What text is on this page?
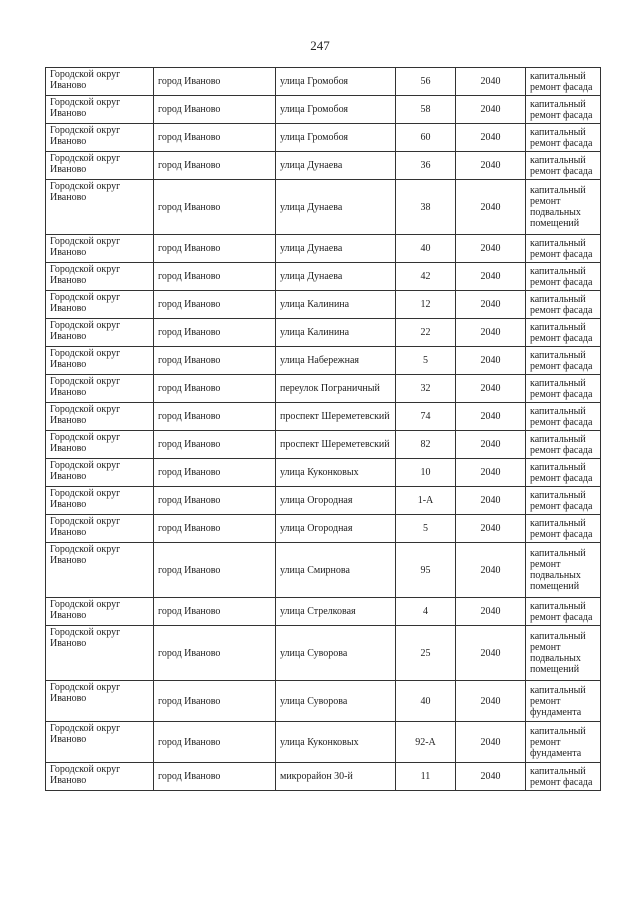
247
Городской округ Иваново	город Иваново	улица Громобоя	56	2040	капитальный ремонт фасада
Городской округ Иваново	город Иваново	улица Громобоя	58	2040	капитальный ремонт фасада
Городской округ Иваново	город Иваново	улица Громобоя	60	2040	капитальный ремонт фасада
Городской округ Иваново	город Иваново	улица Дунаева	36	2040	капитальный ремонт фасада
Городской округ Иваново	город Иваново	улица Дунаева	38	2040	капитальный ремонт подвальных помещений
Городской округ Иваново	город Иваново	улица Дунаева	40	2040	капитальный ремонт фасада
Городской округ Иваново	город Иваново	улица Дунаева	42	2040	капитальный ремонт фасада
Городской округ Иваново	город Иваново	улица Калинина	12	2040	капитальный ремонт фасада
Городской округ Иваново	город Иваново	улица Калинина	22	2040	капитальный ремонт фасада
Городской округ Иваново	город Иваново	улица Набережная	5	2040	капитальный ремонт фасада
Городской округ Иваново	город Иваново	переулок Пограничный	32	2040	капитальный ремонт фасада
Городской округ Иваново	город Иваново	проспект Шереметевский	74	2040	капитальный ремонт фасада
Городской округ Иваново	город Иваново	проспект Шереметевский	82	2040	капитальный ремонт фасада
Городской округ Иваново	город Иваново	улица Куконковых	10	2040	капитальный ремонт фасада
Городской округ Иваново	город Иваново	улица Огородная	1-А	2040	капитальный ремонт фасада
Городской округ Иваново	город Иваново	улица Огородная	5	2040	капитальный ремонт фасада
Городской округ Иваново	город Иваново	улица Смирнова	95	2040	капитальный ремонт подвальных помещений
Городской округ Иваново	город Иваново	улица Стрелковая	4	2040	капитальный ремонт фасада
Городской округ Иваново	город Иваново	улица Суворова	25	2040	капитальный ремонт подвальных помещений
Городской округ Иваново	город Иваново	улица Суворова	40	2040	капитальный ремонт фундамента
Городской округ Иваново	город Иваново	улица Куконковых	92-А	2040	капитальный ремонт фундамента
Городской округ Иваново	город Иваново	микрорайон 30-й	11	2040	капитальный ремонт фасада
